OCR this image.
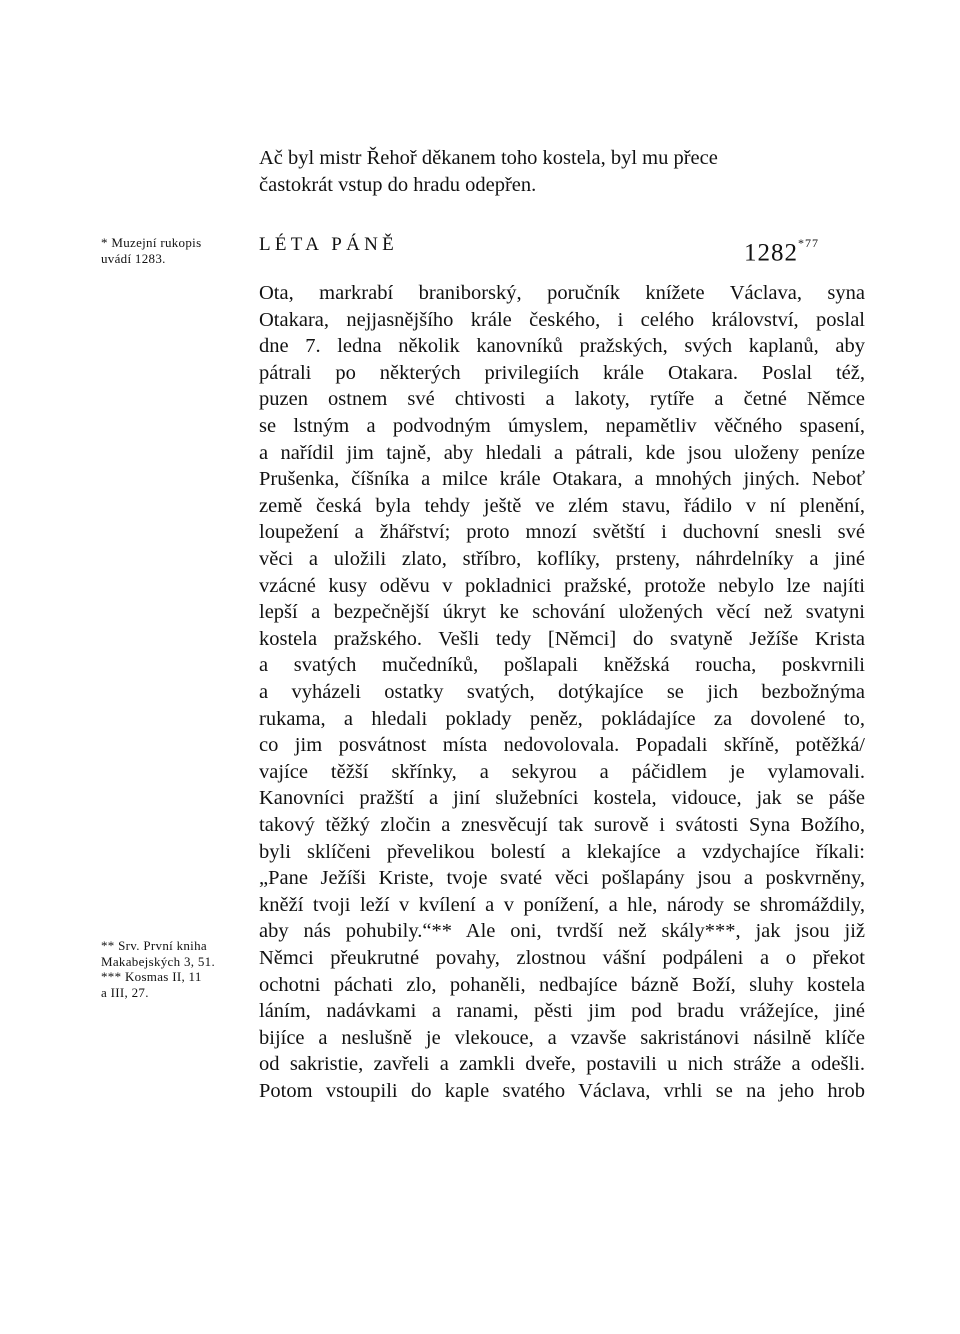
Ač byl mistr Řehoř děkanem toho kostela, byl mu přece
častokrát vstup do hradu odepřen.
* Muzejní rukopis
uvádí 1283.
LÉTA PÁNĚ	1282$^{*77}$
Ota, markrabí braniborský, poručník knížete Václava, syna
Otakara, nejjasnějšího krále českého, i celého království, poslal
dne 7. ledna několik kanovníků pražských, svých kaplanů, aby
pátrali po některých privilegiích krále Otakara. Poslal též,
puzen ostnem své chtivosti a lakoty, rytíře a četné Němce
se lstným a podvodným úmyslem, nepamětliv věčného spasení,
a nařídil jim tajně, aby hledali a pátrali, kde jsou uloženy peníze
Prušenka, číšníka a milce krále Otakara, a mnohých jiných. Neboť
země česká byla tehdy ještě ve zlém stavu, řádilo v ní plenění,
loupežení a žhářství; proto mnozí světští i duchovní snesli své
věci a uložili zlato, stříbro, koflíky, prsteny, náhrdelníky a jiné
vzácné kusy oděvu v pokladnici pražské, protože nebylo lze najíti
lepší a bezpečnější úkryt ke schování uložených věcí než svatyni
kostela pražského. Vešli tedy [Němci] do svatyně Ježíše Krista
a svatých mučedníků, pošlapali kněžská roucha, poskvrnili
a vyházeli ostatky svatých, dotýkajíce se jich bezbožnýma
rukama, a hledali poklady peněz, pokládajíce za dovolené to,
co jim posvátnost místa nedovolovala. Popadali skříně, potěžká/
vajíce těžší skřínky, a sekyrou a páčidlem je vylamovali.
Kanovníci pražští a jiní služebníci kostela, vidouce, jak se páše
takový těžký zločin a znesvěcují tak surově i svátosti Syna Božího,
byli sklíčeni převelikou bolestí a klekajíce a vzdychajíce říkali:
„Pane Ježíši Kriste, tvoje svaté věci pošlapány jsou a poskvrněny,
kněží tvoji leží v kvílení a v ponížení, a hle, národy se shromáždily,
aby nás pohubily.“** Ale oni, tvrdší než skály***, jak jsou již
Němci přeukrutné povahy, zlostnou vášní podpáleni a o překot
ochotni páchati zlo, pohaněli, nedbajíce bázně Boží, sluhy kostela
láním, nadávkami a ranami, pěsti jim pod bradu vrážejíce, jiné
bijíce a neslušně je vlekouce, a vzavše sakristánovi násilně klíče
od sakristie, zavřeli a zamkli dveře, postavili u nich stráže a odešli.
Potom vstoupili do kaple svatého Václava, vrhli se na jeho hrob
** Srv. První kniha
Makabejských 3, 51.
*** Kosmas II, 11
a III, 27.
